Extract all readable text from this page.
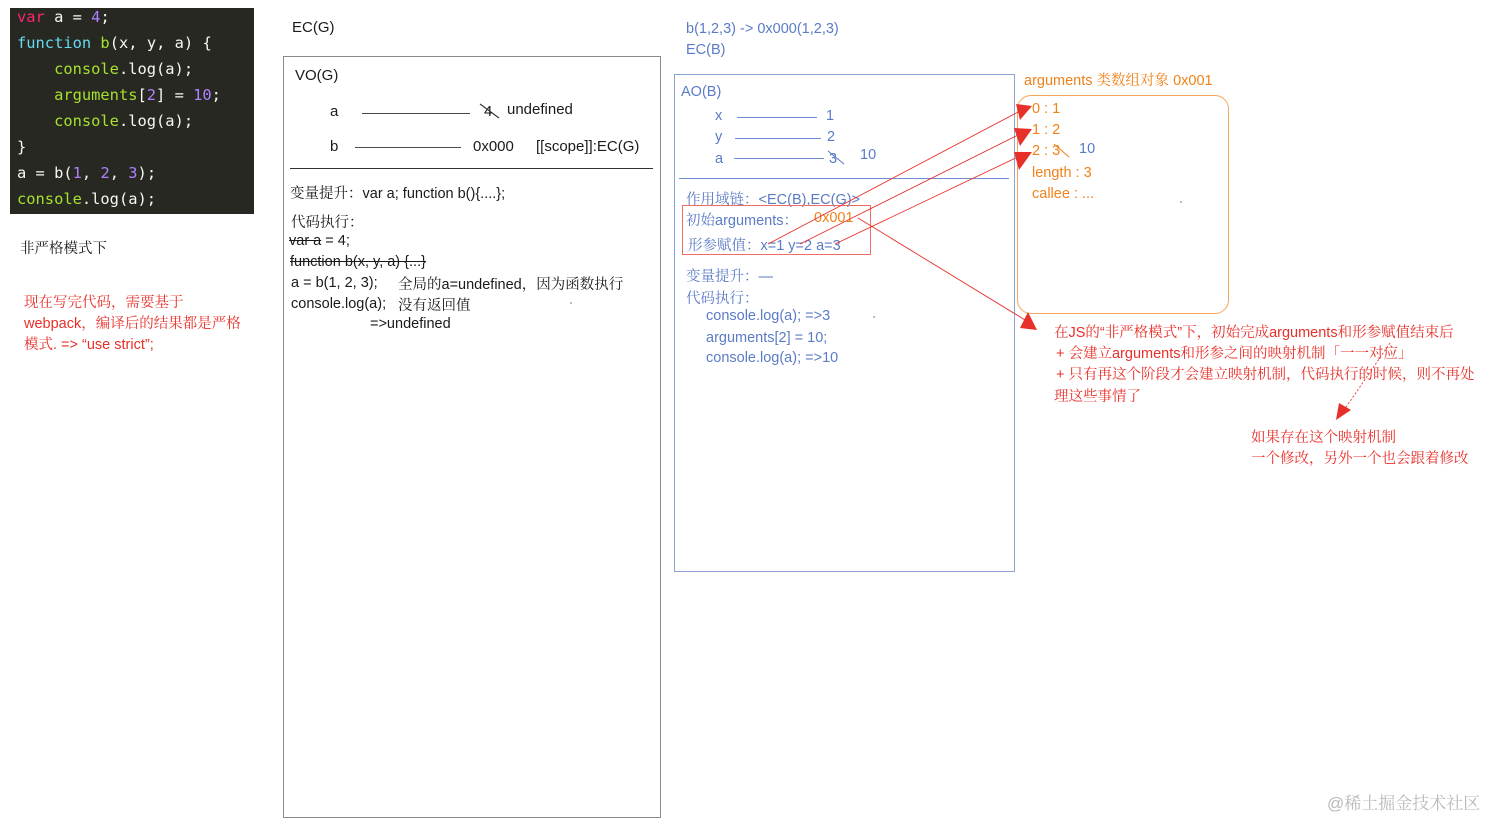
var a = 4;
function b(x, y, a) {
console.log(a);
arguments[2] = 10;
console.log(a);
}
a = b(1, 2, 3);
console.log(a);
非严格模式下
现在写完代码，需要基于
webpack，编译后的结果都是严格
模式. => “use strict”;
EC(G)
VO(G)
a	4 undefined
b	0x000 [[scope]]:EC(G)
变量提升：var a; function b(){....};
代码执行：
var a = 4;
function b(x, y, a) {...}
a = b(1, 2, 3); 全局的a=undefined，因为函数执行
console.log(a); 没有返回值
=>undefined
b(1,2,3) -> 0x000(1,2,3)
EC(B)
AO(B)
x	1
y	2
a	3 10
作用域链：<EC(B),EC(G)>
初始arguments： 0x001
形参赋值：x=1 y=2 a=3
变量提升：—
代码执行：
console.log(a); =>3
arguments[2] = 10;
console.log(a); =>10
arguments 类数组对象 0x001
0 : 1
1 : 2
2 : 3 10
length : 3
callee : ...
在JS的“非严格模式”下，初始完成arguments和形参赋值结束后
+ 会建立arguments和形参之间的映射机制「一一对应」
+ 只有再这个阶段才会建立映射机制，代码执行的时候，则不再处
理这些事情了
如果存在这个映射机制
一个修改，另外一个也会跟着修改
@稀土掘金技术社区
